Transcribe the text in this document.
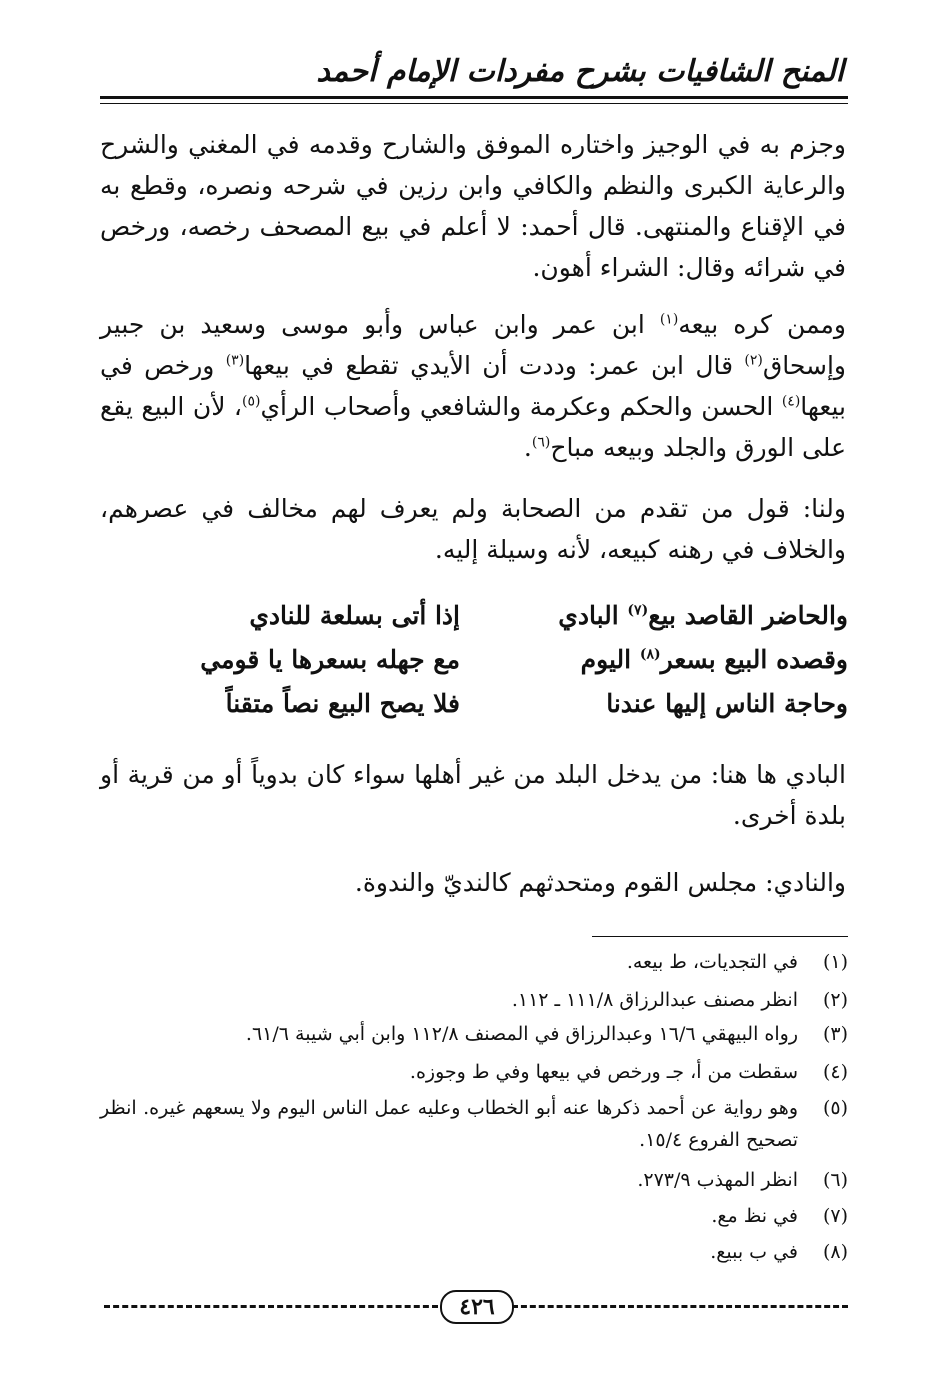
المنح الشافيات بشرح مفردات الإمام أحمد
وجزم به في الوجيز واختاره الموفق والشارح وقدمه في المغني والشرح والرعاية الكبرى والنظم والكافي وابن رزين في شرحه ونصره، وقطع به في الإقناع والمنتهى. قال أحمد: لا أعلم في بيع المصحف رخصه، ورخص في شرائه وقال: الشراء أهون.
وممن كره بيعه$^{(١)}$ ابن عمر وابن عباس وأبو موسى وسعيد بن جبير وإسحاق$^{(٢)}$ قال ابن عمر: وددت أن الأيدي تقطع في بيعها$^{(٣)}$ ورخص في بيعها$^{(٤)}$ الحسن والحكم وعكرمة والشافعي وأصحاب الرأي$^{(٥)}$، لأن البيع يقع على الورق والجلد وبيعه مباح$^{(٦)}$.
ولنا: قول من تقدم من الصحابة ولم يعرف لهم مخالف في عصرهم، والخلاف في رهنه كبيعه، لأنه وسيلة إليه.
والحاضر القاصد بيع$^{(٧)}$ البادي
إذا أتى بسلعة للنادي
وقصده البيع بسعر$^{(٨)}$ اليوم
مع جهله بسعرها يا قومي
وحاجة الناس إليها عندنا
فلا يصح البيع نصاً متقناً
البادي ها هنا: من يدخل البلد من غير أهلها سواء كان بدوياً أو من قرية أو بلدة أخرى.
والنادي: مجلس القوم ومتحدثهم كالنديّ والندوة.
(١)
في التجديات، ط بيعه.
(٢)
انظر مصنف عبدالرزاق ١١١/٨ ـ ١١٢.
(٣)
رواه البيهقي ١٦/٦ وعبدالرزاق في المصنف ١١٢/٨ وابن أبي شيبة ٦١/٦.
(٤)
سقطت من أ، جـ ورخص في بيعها وفي ط وجوزه.
(٥)
وهو رواية عن أحمد ذكرها عنه أبو الخطاب وعليه عمل الناس اليوم ولا يسعهم غيره. انظر تصحيح الفروع ١٥/٤.
(٦)
انظر المهذب ٢٧٣/٩.
(٧)
في نظ مع.
(٨)
في ب ببيع.
٤٢٦
